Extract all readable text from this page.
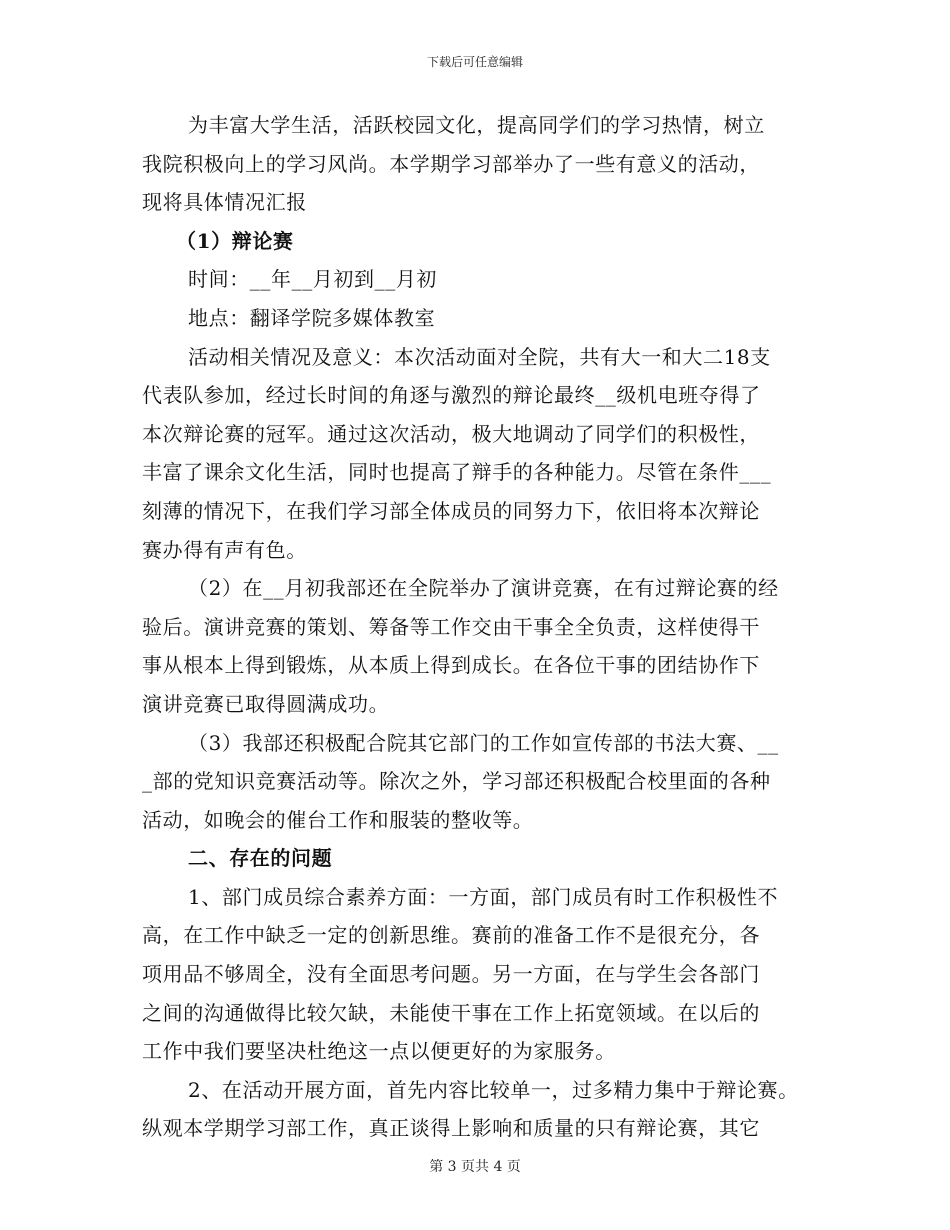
下载后可任意编辑
为丰富大学生活，活跃校园文化，提高同学们的学习热情，树立
我院积极向上的学习风尚。本学期学习部举办了一些有意义的活动，
现将具体情况汇报
（1）辩论赛
时间：__年__月初到__月初
地点：翻译学院多媒体教室
活动相关情况及意义：本次活动面对全院，共有大一和大二18支
代表队参加，经过长时间的角逐与激烈的辩论最终__级机电班夺得了
本次辩论赛的冠军。通过这次活动，极大地调动了同学们的积极性，
丰富了课余文化生活，同时也提高了辩手的各种能力。尽管在条件___
刻薄的情况下，在我们学习部全体成员的同努力下，依旧将本次辩论
赛办得有声有色。
（2）在__月初我部还在全院举办了演讲竞赛，在有过辩论赛的经
验后。演讲竞赛的策划、筹备等工作交由干事全全负责，这样使得干
事从根本上得到锻炼，从本质上得到成长。在各位干事的团结协作下
演讲竞赛已取得圆满成功。
（3）我部还积极配合院其它部门的工作如宣传部的书法大赛、__
_部的党知识竞赛活动等。除次之外，学习部还积极配合校里面的各种
活动，如晚会的催台工作和服装的整收等。
二、存在的问题
1、部门成员综合素养方面：一方面，部门成员有时工作积极性不
高，在工作中缺乏一定的创新思维。赛前的准备工作不是很充分，各
项用品不够周全，没有全面思考问题。另一方面，在与学生会各部门
之间的沟通做得比较欠缺，未能使干事在工作上拓宽领域。在以后的
工作中我们要坚决杜绝这一点以便更好的为家服务。
2、在活动开展方面，首先内容比较单一，过多精力集中于辩论赛。
纵观本学期学习部工作，真正谈得上影响和质量的只有辩论赛，其它
第 3 页共 4 页
